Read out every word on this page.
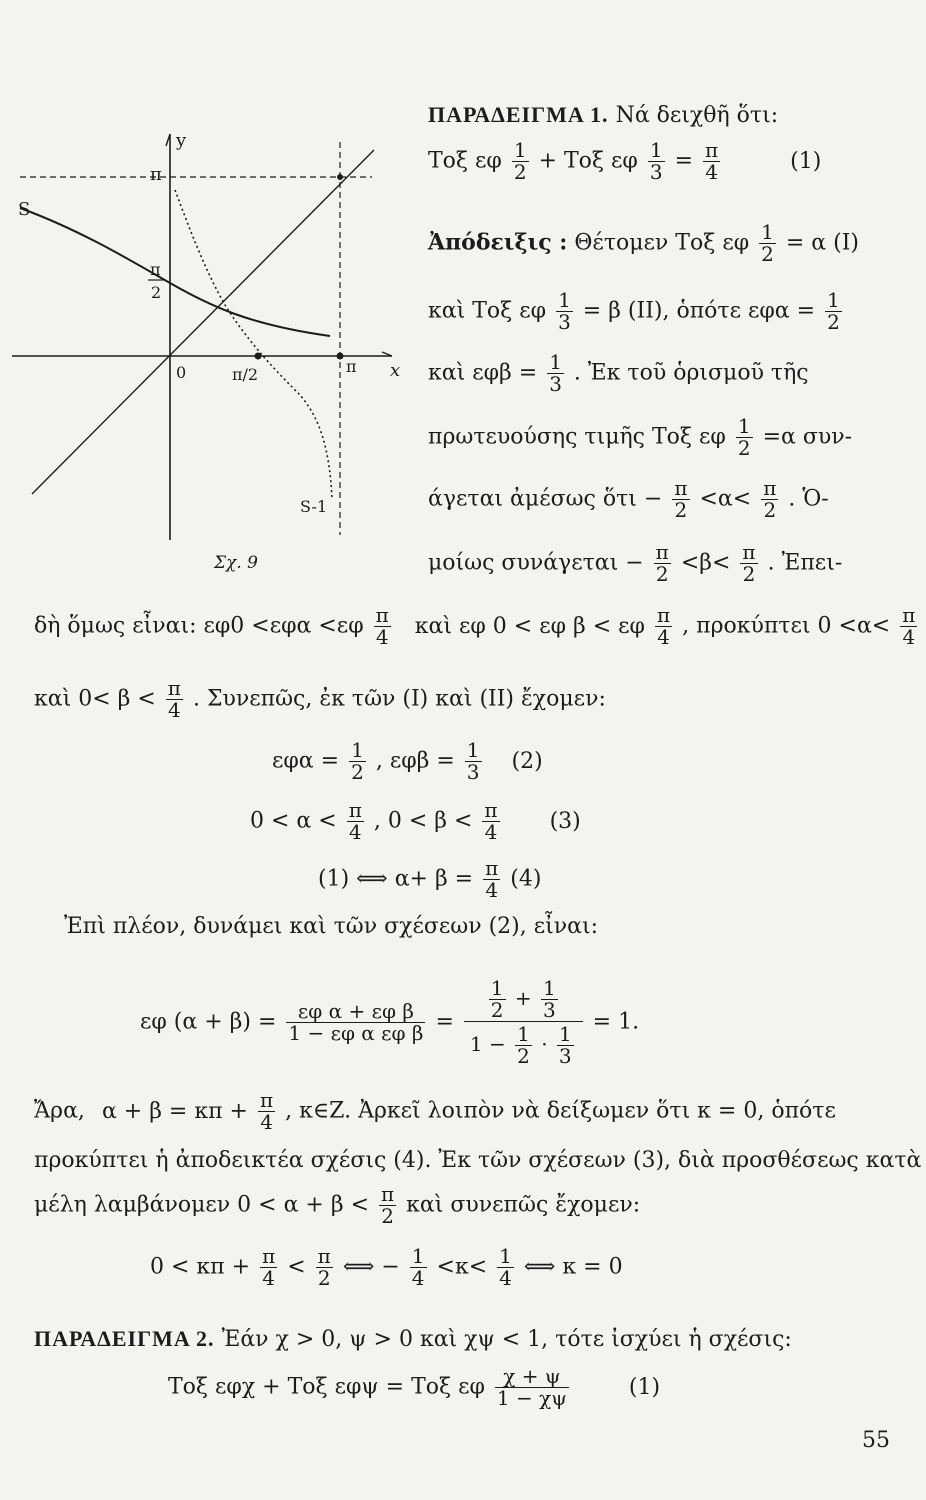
y
x
0
π
π
2
π/2	π
S
S-1
Σχ. 9
ΠΑΡΑΔΕΙΓΜΑ 1. Νά δειχθῆ ὅτι:
Τοξ εφ $\frac{1}{2} + To\xi$ εφ $\frac{1}{3} = \frac{\pi}{4}$	(1)
Ἀπόδειξις : Θέτομεν Τοξ εφ $\frac{1}{2} = \alpha$ (I)
καὶ Τοξ εφ $\frac{1}{3} = \beta$ (II), ὁπότε $\varepsilon\varphi\alpha = \frac{1}{2}$
καὶ $\varepsilon\varphi\beta = \frac{1}{3}$ . Ἐκ τοῦ ὁρισμοῦ τῆς
πρωτευούσης τιμῆς Τοξ εφ $\frac{1}{2} =\alpha$ συν-
άγεται ἀμέσως ὅτι − $\frac{\pi}{2} <\alpha< \frac{\pi}{2}$ . Ὁ-
μοίως $\sigma\upsilon\nu ά\gamma\varepsilon\tau\alpha\iota - \frac{\pi}{2} <\beta< \frac{\pi}{2}$ . Ἐπει-
δὴ ὅμως εἶναι: $\varepsilon\varphi 0 <\varepsilon\varphi\alpha <\varepsilon\varphi \frac{\pi}{4}$ καὶ εφ 0 < εφ β < εφ $\frac{\pi}{4}$ , προκύπτει $0 <\alpha< \frac{\pi}{4}$
καὶ $0< \beta < \frac{\pi}{4}$ . Συνεπῶς, ἐκ τῶν (I) καὶ (II) ἔχομεν:
$\varepsilon\varphi\alpha = \frac{1}{2}$ , $\varepsilon\varphi\beta = \frac{1}{3} (2)$
$0 < \alpha < \frac{\pi}{4}$ , $0 < \beta < \frac{\pi}{4} (3)$
(1) ⟺ $\alpha+ \beta = \frac{\pi}{4} (4)$
Ἐπὶ πλέον, δυνάμει καὶ τῶν σχέσεων (2), εἶναι:
εφ $(\alpha + \beta) = \frac{\text{εφ α + εφ β}}{\text{1 − εφ α εφ β}} = \frac{\frac{1}{2} + \frac{1}{3}}{1 - \frac{1}{2} \cdot \frac{1}{3}} = 1$.
Ἄρα, $\alpha + \beta = \kappa\pi + \frac{\pi}{4}$ , κ∈Z. Ἀρκεῖ λοιπὸν νὰ δείξωμεν ὅτι κ = 0, ὁπότε
προκύπτει ἡ ἀποδεικτέα σχέσις (4). Ἐκ τῶν σχέσεων (3), διὰ προσθέσεως κατὰ
μέλη λαμβάνομεν $0 < \alpha + \beta < \frac{\pi}{2}$ καὶ συνεπῶς ἔχομεν:
$0 < \kappa\pi + \frac{\pi}{4} < \frac{\pi}{2}$ ⟺ − $\frac{1}{4} <\kappa< \frac{1}{4}$ ⟺ κ = 0
ΠΑΡΑΔΕΙΓΜΑ 2. Ἐάν χ > 0, ψ > 0 καὶ χψ < 1, τότε ἰσχύει ἡ σχέσις:
Τοξ εφχ + Τοξ εφψ = Τοξ εφ $\frac{\chi + \psi}{1 - \chi\psi}$	(1)
55
